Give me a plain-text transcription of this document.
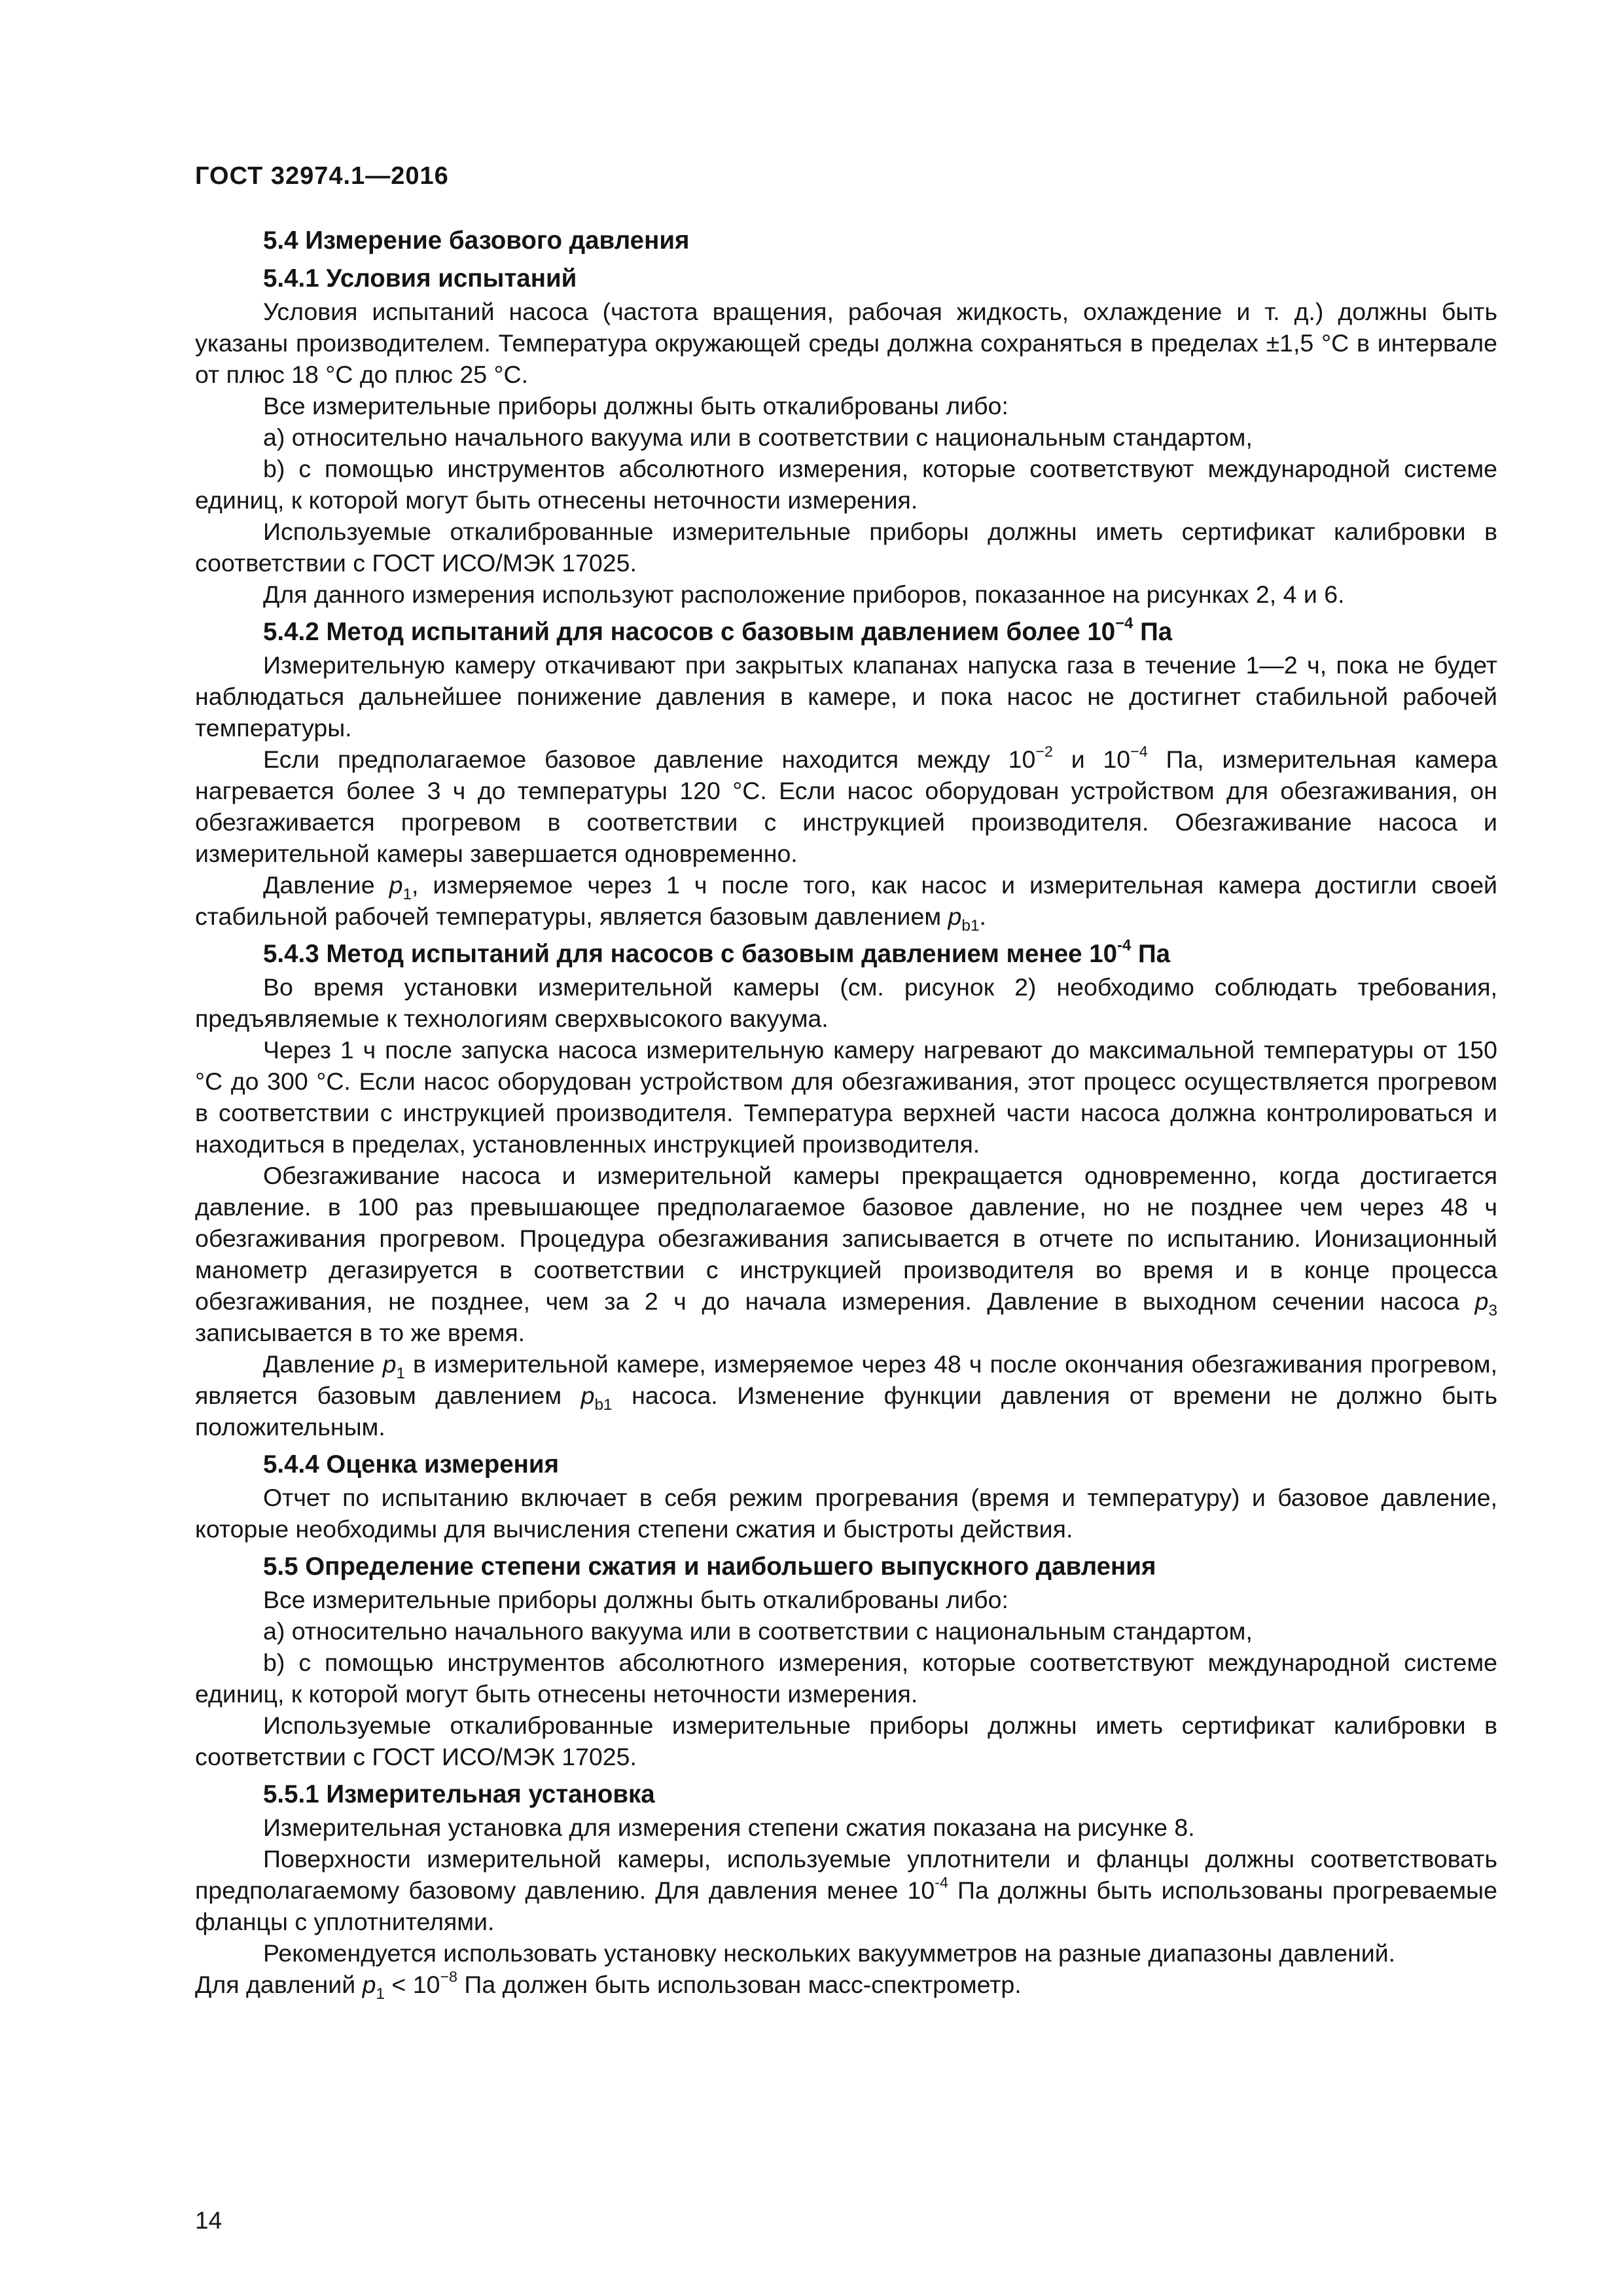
ГОСТ 32974.1—2016
5.4 Измерение базового давления
5.4.1 Условия испытаний

Условия испытаний насоса (частота вращения, рабочая жидкость, охлаждение и т. д.) должны быть указаны производителем. Температура окружающей среды должна сохраняться в пределах ±1,5 °С в интервале от плюс 18 °С до плюс 25 °С.

Все измерительные приборы должны быть откалиброваны либо:

а) относительно начального вакуума или в соответствии с национальным стандартом,

b) с помощью инструментов абсолютного измерения, которые соответствуют международной системе единиц, к которой могут быть отнесены неточности измерения.

Используемые откалиброванные измерительные приборы должны иметь сертификат калибровки в соответствии с ГОСТ ИСО/МЭК 17025.

Для данного измерения используют расположение приборов, показанное на рисунках 2, 4 и 6.

5.4.2 Метод испытаний для насосов с базовым давлением более $10^{-4}$ Па

Измерительную камеру откачивают при закрытых клапанах напуска газа в течение 1—2 ч, пока не будет наблюдаться дальнейшее понижение давления в камере, и пока насос не достигнет стабильной рабочей температуры.

Если предполагаемое базовое давление находится между $10^{-2}$ и $10^{-4}$ Па, измерительная камера нагревается более 3 ч до температуры 120 °С. Если насос оборудован устройством для обезгаживания, он обезгаживается прогревом в соответствии с инструкцией производителя. Обезгаживание насоса и измерительной камеры завершается одновременно.

Давление $p_1$, измеряемое через 1 ч после того, как насос и измерительная камера достигли своей стабильной рабочей температуры, является базовым давлением $p_{b1}$.

5.4.3 Метод испытаний для насосов с базовым давлением менее $10^{-4}$ Па

Во время установки измерительной камеры (см. рисунок 2) необходимо соблюдать требования, предъявляемые к технологиям сверхвысокого вакуума.

Через 1 ч после запуска насоса измерительную камеру нагревают до максимальной температуры от 150 °С до 300 °С. Если насос оборудован устройством для обезгаживания, этот процесс осуществляется прогревом в соответствии с инструкцией производителя. Температура верхней части насоса должна контролироваться и находиться в пределах, установленных инструкцией производителя.

Обезгаживание насоса и измерительной камеры прекращается одновременно, когда достигается давление. в 100 раз превышающее предполагаемое базовое давление, но не позднее чем через 48 ч обезгаживания прогревом. Процедура обезгаживания записывается в отчете по испытанию. Ионизационный манометр дегазируется в соответствии с инструкцией производителя во время и в конце процесса обезгаживания, не позднее, чем за 2 ч до начала измерения. Давление в выходном сечении насоса $p_3$ записывается в то же время.

Давление $p_1$ в измерительной камере, измеряемое через 48 ч после окончания обезгаживания прогревом, является базовым давлением $p_{b1}$ насоса. Изменение функции давления от времени не должно быть положительным.

5.4.4 Оценка измерения

Отчет по испытанию включает в себя режим прогревания (время и температуру) и базовое давление, которые необходимы для вычисления степени сжатия и быстроты действия.

5.5 Определение степени сжатия и наибольшего выпускного давления

Все измерительные приборы должны быть откалиброваны либо:

а) относительно начального вакуума или в соответствии с национальным стандартом,

b) с помощью инструментов абсолютного измерения, которые соответствуют международной системе единиц, к которой могут быть отнесены неточности измерения.

Используемые откалиброванные измерительные приборы должны иметь сертификат калибровки в соответствии с ГОСТ ИСО/МЭК 17025.

5.5.1 Измерительная установка

Измерительная установка для измерения степени сжатия показана на рисунке 8.

Поверхности измерительной камеры, используемые уплотнители и фланцы должны соответствовать предполагаемому базовому давлению. Для давления менее $10^{-4}$ Па должны быть использованы прогреваемые фланцы с уплотнителями.

Рекомендуется использовать установку нескольких вакуумметров на разные диапазоны давлений.

Для давлений $p_1 < 10^{-8}$ Па должен быть использован масс-спектрометр.

14
